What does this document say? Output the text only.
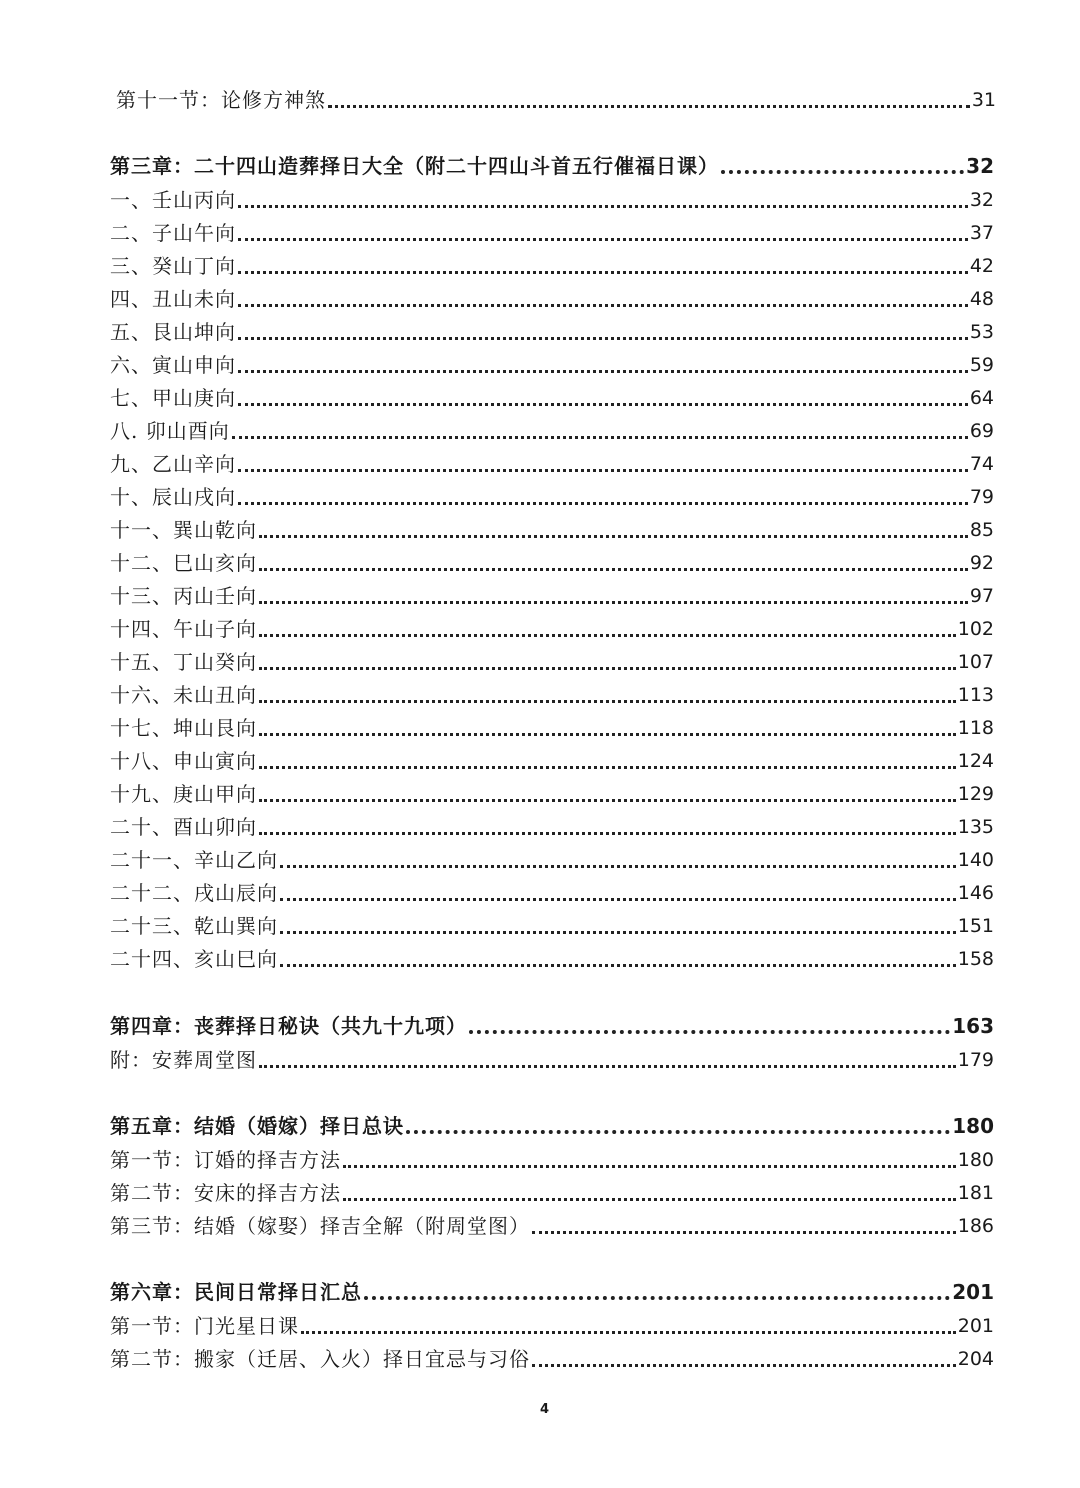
第十一节：论修方神煞	31
第三章：二十四山造葬择日大全（附二十四山斗首五行催福日课）	32
一、壬山丙向	32
二、子山午向	37
三、癸山丁向	42
四、丑山未向	48
五、艮山坤向	53
六、寅山申向	59
七、甲山庚向	64
八. 卯山酉向	69
九、乙山辛向	74
十、辰山戌向	79
十一、巽山乾向	85
十二、巳山亥向	92
十三、丙山壬向	97
十四、午山子向	102
十五、丁山癸向	107
十六、未山丑向	113
十七、坤山艮向	118
十八、申山寅向	124
十九、庚山甲向	129
二十、酉山卯向	135
二十一、辛山乙向	140
二十二、戌山辰向	146
二十三、乾山巽向	151
二十四、亥山巳向	158
第四章：丧葬择日秘诀（共九十九项）	163
附：安葬周堂图	179
第五章：结婚（婚嫁）择日总诀	180
第一节：订婚的择吉方法	180
第二节：安床的择吉方法	181
第三节：结婚（嫁娶）择吉全解（附周堂图）	186
第六章：民间日常择日汇总	201
第一节：门光星日课	201
第二节：搬家（迁居、入火）择日宜忌与习俗	204
4
